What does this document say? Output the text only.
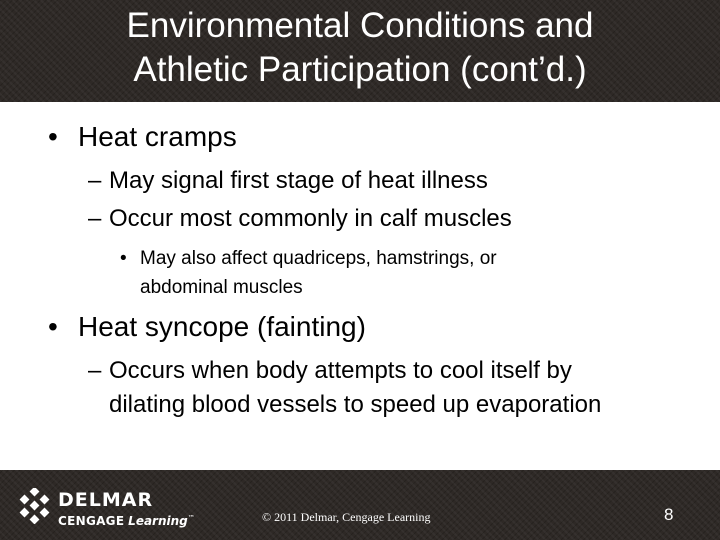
Environmental Conditions and
Athletic Participation (cont’d.)
• Heat cramps
– May signal first stage of heat illness
– Occur most commonly in calf muscles
• May also affect quadriceps, hamstrings, or
abdominal muscles
• Heat syncope (fainting)
– Occurs when body attempts to cool itself by
dilating blood vessels to speed up evaporation
DELMAR
CENGAGE Learning™	© 2011 Delmar, Cengage Learning	8
